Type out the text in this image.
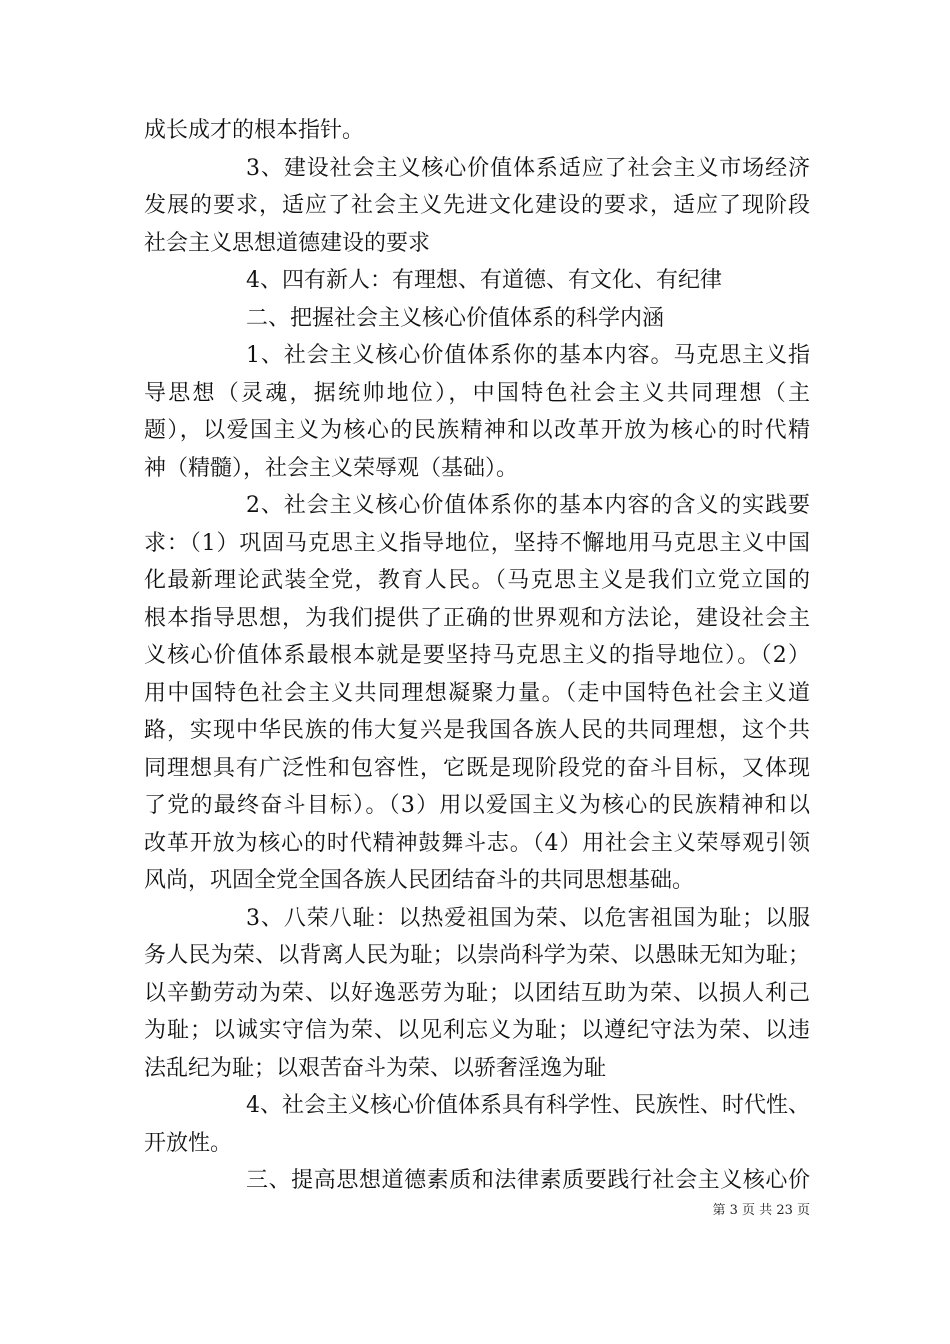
成长成才的根本指针。
3、建设社会主义核心价值体系适应了社会主义市场经济
发展的要求，适应了社会主义先进文化建设的要求，适应了现阶段
社会主义思想道德建设的要求
4、四有新人：有理想、有道德、有文化、有纪律
二、把握社会主义核心价值体系的科学内涵
1、社会主义核心价值体系你的基本内容。马克思主义指
导思想（灵魂，据统帅地位），中国特色社会主义共同理想（主
题），以爱国主义为核心的民族精神和以改革开放为核心的时代精
神（精髓），社会主义荣辱观（基础）。
2、社会主义核心价值体系你的基本内容的含义的实践要
求：（1）巩固马克思主义指导地位，坚持不懈地用马克思主义中国
化最新理论武装全党，教育人民。（马克思主义是我们立党立国的
根本指导思想，为我们提供了正确的世界观和方法论，建设社会主
义核心价值体系最根本就是要坚持马克思主义的指导地位）。（2）
用中国特色社会主义共同理想凝聚力量。（走中国特色社会主义道
路，实现中华民族的伟大复兴是我国各族人民的共同理想，这个共
同理想具有广泛性和包容性，它既是现阶段党的奋斗目标，又体现
了党的最终奋斗目标）。（3）用以爱国主义为核心的民族精神和以
改革开放为核心的时代精神鼓舞斗志。（4）用社会主义荣辱观引领
风尚，巩固全党全国各族人民团结奋斗的共同思想基础。
3、八荣八耻：以热爱祖国为荣、以危害祖国为耻；以服
务人民为荣、以背离人民为耻；以崇尚科学为荣、以愚昧无知为耻；
以辛勤劳动为荣、以好逸恶劳为耻；以团结互助为荣、以损人利己
为耻；以诚实守信为荣、以见利忘义为耻；以遵纪守法为荣、以违
法乱纪为耻；以艰苦奋斗为荣、以骄奢淫逸为耻
4、社会主义核心价值体系具有科学性、民族性、时代性、
开放性。
三、提高思想道德素质和法律素质要践行社会主义核心价
第 3 页 共 23 页
